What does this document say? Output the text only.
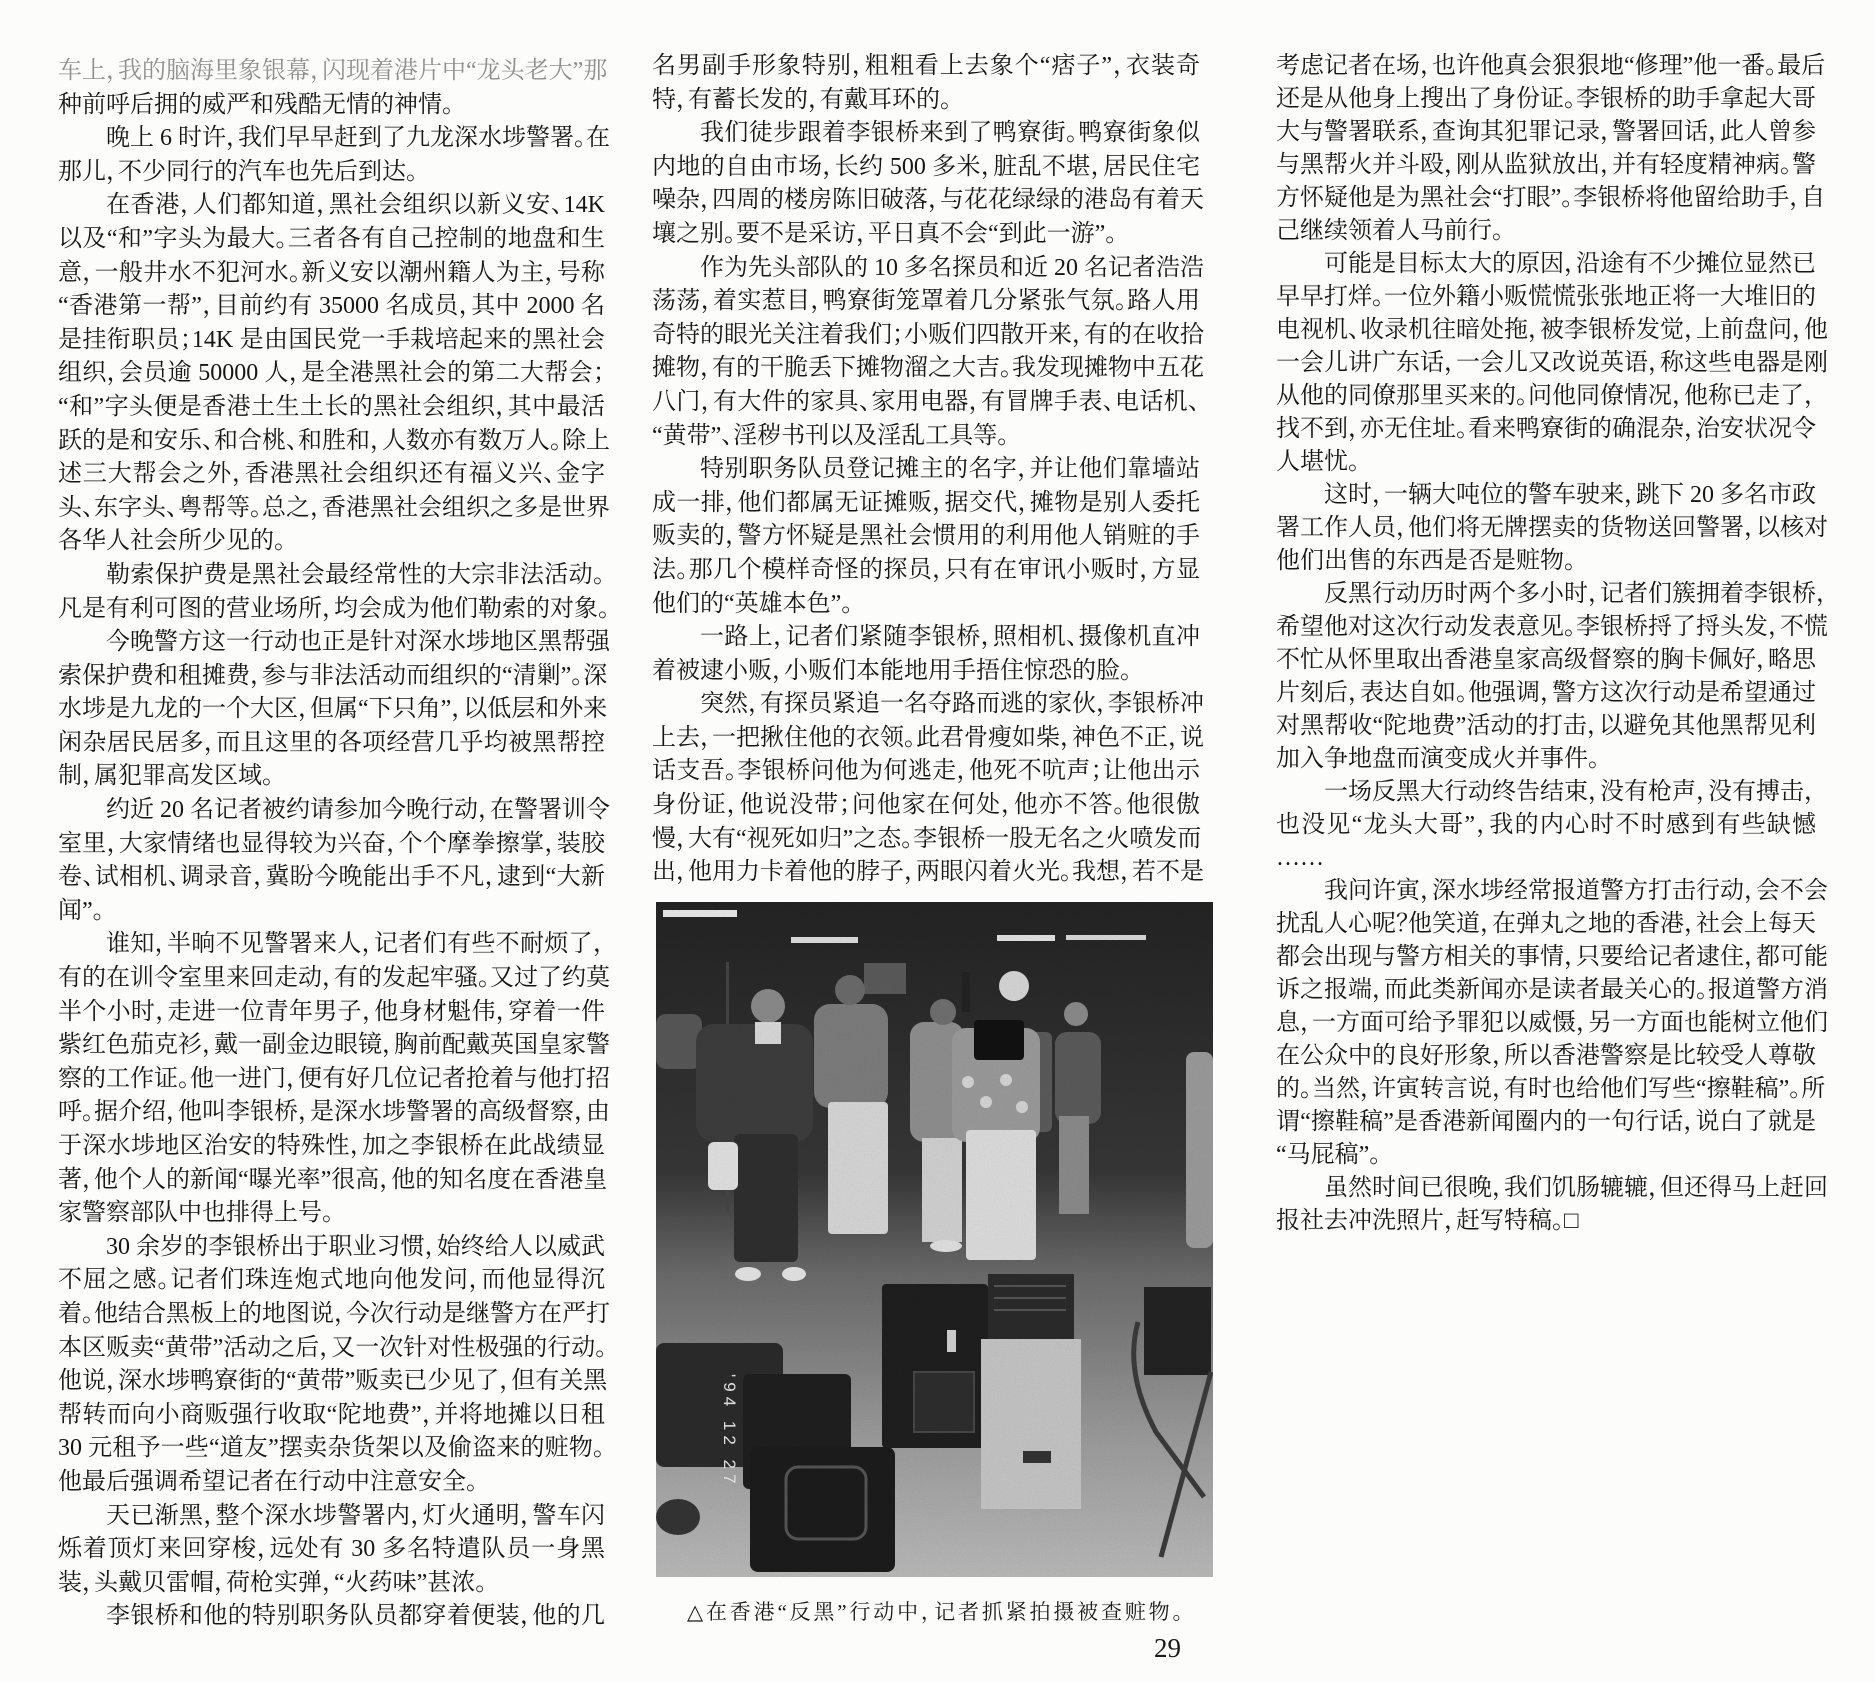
车上，我的脑海里象银幕，闪现着港片中“龙头老大”那
种前呼后拥的威严和残酷无情的神情。
晚上 6 时许，我们早早赶到了九龙深水埗警署。在
那儿，不少同行的汽车也先后到达。
在香港，人们都知道，黑社会组织以新义安、14K
以及“和”字头为最大。三者各有自己控制的地盘和生
意，一般井水不犯河水。新义安以潮州籍人为主，号称
“香港第一帮”，目前约有 35000 名成员，其中 2000 名
是挂衔职员；14K 是由国民党一手栽培起来的黑社会
组织，会员逾 50000 人，是全港黑社会的第二大帮会；
“和”字头便是香港土生土长的黑社会组织，其中最活
跃的是和安乐、和合桃、和胜和，人数亦有数万人。除上
述三大帮会之外，香港黑社会组织还有福义兴、金字
头、东字头、粤帮等。总之，香港黑社会组织之多是世界
各华人社会所少见的。
勒索保护费是黑社会最经常性的大宗非法活动。
凡是有利可图的营业场所，均会成为他们勒索的对象。
今晚警方这一行动也正是针对深水埗地区黑帮强
索保护费和租摊费，参与非法活动而组织的“清剿”。深
水埗是九龙的一个大区，但属“下只角”，以低层和外来
闲杂居民居多，而且这里的各项经营几乎均被黑帮控
制，属犯罪高发区域。
约近 20 名记者被约请参加今晚行动，在警署训令
室里，大家情绪也显得较为兴奋，个个摩拳擦掌，装胶
卷、试相机、调录音，冀盼今晚能出手不凡，逮到“大新
闻”。
谁知，半晌不见警署来人，记者们有些不耐烦了，
有的在训令室里来回走动，有的发起牢骚。又过了约莫
半个小时，走进一位青年男子，他身材魁伟，穿着一件
紫红色茄克衫，戴一副金边眼镜，胸前配戴英国皇家警
察的工作证。他一进门，便有好几位记者抢着与他打招
呼。据介绍，他叫李银桥，是深水埗警署的高级督察，由
于深水埗地区治安的特殊性，加之李银桥在此战绩显
著，他个人的新闻“曝光率”很高，他的知名度在香港皇
家警察部队中也排得上号。
30 余岁的李银桥出于职业习惯，始终给人以威武
不屈之感。记者们珠连炮式地向他发问，而他显得沉
着。他结合黑板上的地图说，今次行动是继警方在严打
本区贩卖“黄带”活动之后，又一次针对性极强的行动。
他说，深水埗鸭寮街的“黄带”贩卖已少见了，但有关黑
帮转而向小商贩强行收取“陀地费”，并将地摊以日租
30 元租予一些“道友”摆卖杂货架以及偷盗来的赃物。
他最后强调希望记者在行动中注意安全。
天已渐黑，整个深水埗警署内，灯火通明，警车闪
烁着顶灯来回穿梭，远处有 30 多名特遣队员一身黑
装，头戴贝雷帽，荷枪实弹，“火药味”甚浓。
李银桥和他的特别职务队员都穿着便装，他的几
名男副手形象特别，粗粗看上去象个“痞子”，衣装奇
特，有蓄长发的，有戴耳环的。
我们徒步跟着李银桥来到了鸭寮街。鸭寮街象似
内地的自由市场，长约 500 多米，脏乱不堪，居民住宅
噪杂，四周的楼房陈旧破落，与花花绿绿的港岛有着天
壤之别。要不是采访，平日真不会“到此一游”。
作为先头部队的 10 多名探员和近 20 名记者浩浩
荡荡，着实惹目，鸭寮街笼罩着几分紧张气氛。路人用
奇特的眼光关注着我们；小贩们四散开来，有的在收拾
摊物，有的干脆丢下摊物溜之大吉。我发现摊物中五花
八门，有大件的家具、家用电器，有冒牌手表、电话机、
“黄带”、淫秽书刊以及淫乱工具等。
特别职务队员登记摊主的名字，并让他们靠墙站
成一排，他们都属无证摊贩，据交代，摊物是别人委托
贩卖的，警方怀疑是黑社会惯用的利用他人销赃的手
法。那几个模样奇怪的探员，只有在审讯小贩时，方显
他们的“英雄本色”。
一路上，记者们紧随李银桥，照相机、摄像机直冲
着被逮小贩，小贩们本能地用手捂住惊恐的脸。
突然，有探员紧追一名夺路而逃的家伙，李银桥冲
上去，一把揪住他的衣领。此君骨瘦如柴，神色不正，说
话支吾。李银桥问他为何逃走，他死不吭声；让他出示
身份证，他说没带；问他家在何处，他亦不答。他很傲
慢，大有“视死如归”之态。李银桥一股无名之火喷发而
出，他用力卡着他的脖子，两眼闪着火光。我想，若不是
考虑记者在场，也许他真会狠狠地“修理”他一番。最后
还是从他身上搜出了身份证。李银桥的助手拿起大哥
大与警署联系，查询其犯罪记录，警署回话，此人曾参
与黑帮火并斗殴，刚从监狱放出，并有轻度精神病。警
方怀疑他是为黑社会“打眼”。李银桥将他留给助手，自
己继续领着人马前行。
可能是目标太大的原因，沿途有不少摊位显然已
早早打烊。一位外籍小贩慌慌张张地正将一大堆旧的
电视机、收录机往暗处拖，被李银桥发觉，上前盘问，他
一会儿讲广东话，一会儿又改说英语，称这些电器是刚
从他的同僚那里买来的。问他同僚情况，他称已走了，
找不到，亦无住址。看来鸭寮街的确混杂，治安状况令
人堪忧。
这时，一辆大吨位的警车驶来，跳下 20 多名市政
署工作人员，他们将无牌摆卖的货物送回警署，以核对
他们出售的东西是否是赃物。
反黑行动历时两个多小时，记者们簇拥着李银桥，
希望他对这次行动发表意见。李银桥捋了捋头发，不慌
不忙从怀里取出香港皇家高级督察的胸卡佩好，略思
片刻后，表达自如。他强调，警方这次行动是希望通过
对黑帮收“陀地费”活动的打击，以避免其他黑帮见利
加入争地盘而演变成火并事件。
一场反黑大行动终告结束，没有枪声，没有搏击，
也没见“龙头大哥”，我的内心时不时感到有些缺憾
……
我问许寅，深水埗经常报道警方打击行动，会不会
扰乱人心呢？他笑道，在弹丸之地的香港，社会上每天
都会出现与警方相关的事情，只要给记者逮住，都可能
诉之报端，而此类新闻亦是读者最关心的。报道警方消
息，一方面可给予罪犯以威慑，另一方面也能树立他们
在公众中的良好形象，所以香港警察是比较受人尊敬
的。当然，许寅转言说，有时也给他们写些“擦鞋稿”。所
谓“擦鞋稿”是香港新闻圈内的一句行话，说白了就是
“马屁稿”。
虽然时间已很晚，我们饥肠辘辘，但还得马上赶回
报社去冲洗照片，赶写特稿。□
'94 12 27
△在香港“反黑”行动中，记者抓紧拍摄被查赃物。
29
